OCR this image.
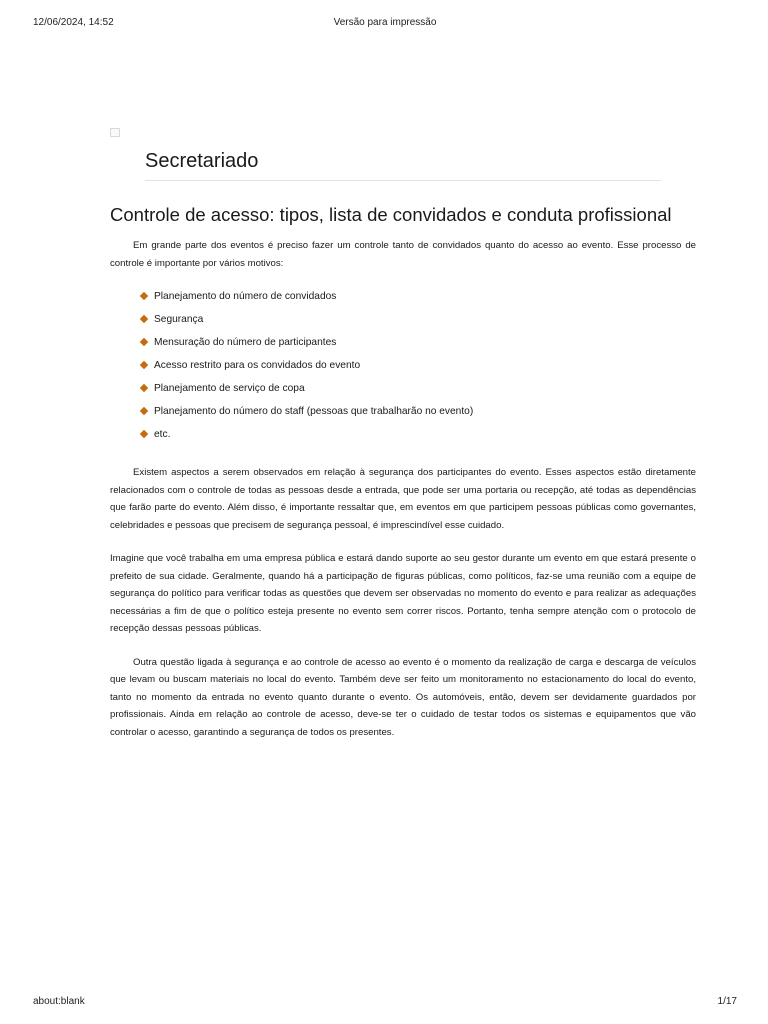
12/06/2024, 14:52	Versão para impressão
Secretariado
Controle de acesso: tipos, lista de convidados e conduta profissional

Em grande parte dos eventos é preciso fazer um controle tanto de convidados quanto do acesso ao evento. Esse processo de controle é importante por vários motivos:

Planejamento do número de convidados
Segurança
Mensuração do número de participantes
Acesso restrito para os convidados do evento
Planejamento de serviço de copa
Planejamento do número do staff (pessoas que trabalharão no evento)
etc.

Existem aspectos a serem observados em relação à segurança dos participantes do evento. Esses aspectos estão diretamente relacionados com o controle de todas as pessoas desde a entrada, que pode ser uma portaria ou recepção, até todas as dependências que farão parte do evento. Além disso, é importante ressaltar que, em eventos em que participem pessoas públicas como governantes, celebridades e pessoas que precisem de segurança pessoal, é imprescindível esse cuidado.

Imagine que você trabalha em uma empresa pública e estará dando suporte ao seu gestor durante um evento em que estará presente o prefeito de sua cidade. Geralmente, quando há a participação de figuras públicas, como políticos, faz-se uma reunião com a equipe de segurança do político para verificar todas as questões que devem ser observadas no momento do evento e para realizar as adequações necessárias a fim de que o político esteja presente no evento sem correr riscos. Portanto, tenha sempre atenção com o protocolo de recepção dessas pessoas públicas.

Outra questão ligada à segurança e ao controle de acesso ao evento é o momento da realização de carga e descarga de veículos que levam ou buscam materiais no local do evento. Também deve ser feito um monitoramento no estacionamento do local do evento, tanto no momento da entrada no evento quanto durante o evento. Os automóveis, então, devem ser devidamente guardados por profissionais. Ainda em relação ao controle de acesso, deve-se ter o cuidado de testar todos os sistemas e equipamentos que vão controlar o acesso, garantindo a segurança de todos os presentes.

about:blank	1/17
